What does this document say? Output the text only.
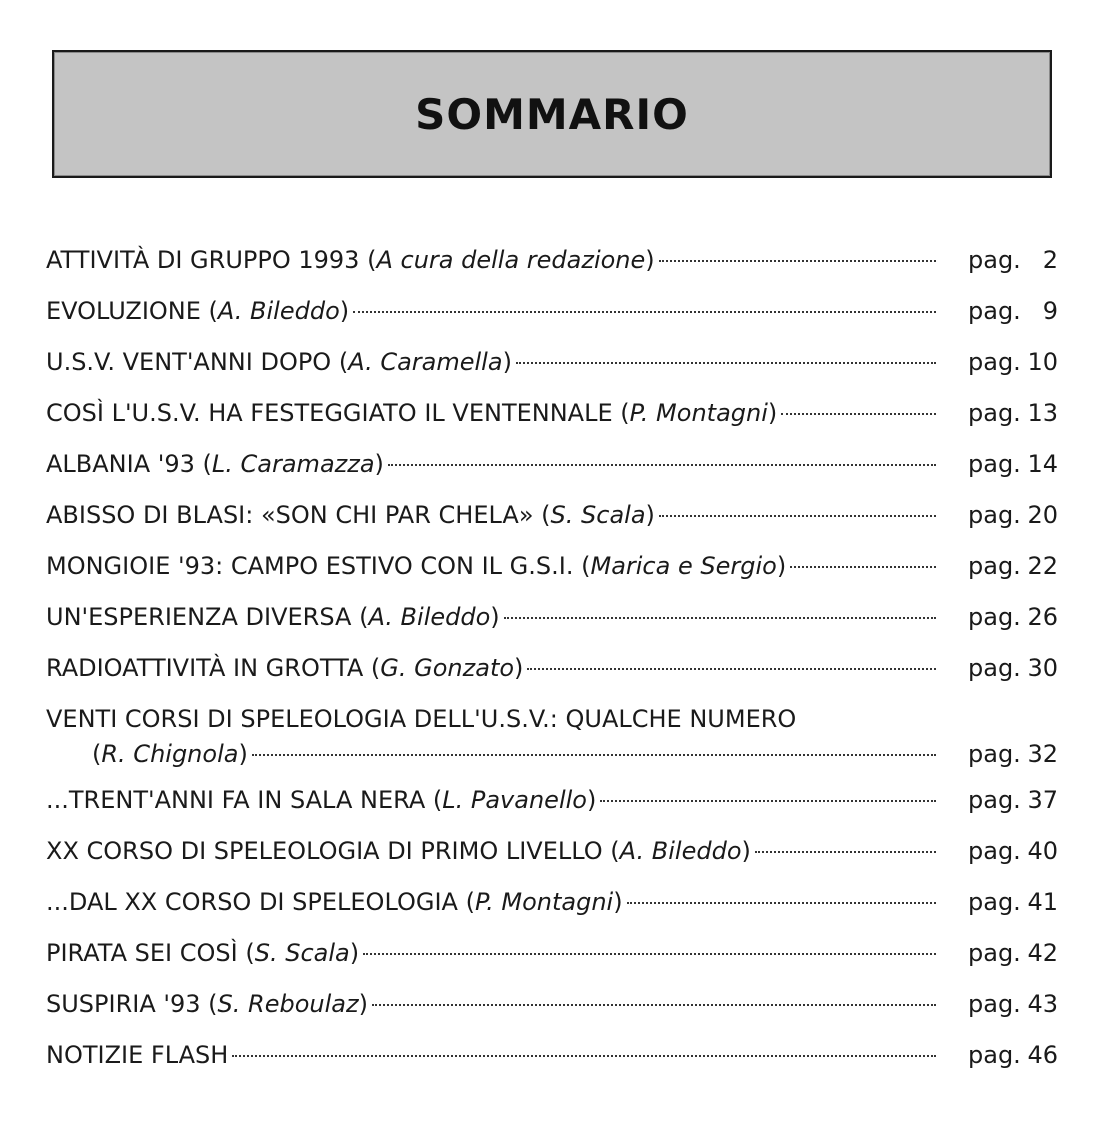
SOMMARIO
ATTIVITÀ DI GRUPPO 1993 ( A cura della redazione )	pag. 2
EVOLUZIONE ( A. Bileddo )	pag. 9
U.S.V. VENT'ANNI DOPO ( A. Caramella )	pag. 10
COSÌ L'U.S.V. HA FESTEGGIATO IL VENTENNALE ( P. Montagni )	pag. 13
ALBANIA '93 ( L. Caramazza )	pag. 14
ABISSO DI BLASI: «SON CHI PAR CHELA» ( S. Scala )	pag. 20
MONGIOIE '93: CAMPO ESTIVO CON IL G.S.I. ( Marica e Sergio )	pag. 22
UN'ESPERIENZA DIVERSA ( A. Bileddo )	pag. 26
RADIOATTIVITÀ IN GROTTA ( G. Gonzato )	pag. 30
VENTI CORSI DI SPELEOLOGIA DELL'U.S.V.: QUALCHE NUMERO
( R. Chignola )	pag. 32
...TRENT'ANNI FA IN SALA NERA ( L. Pavanello )	pag. 37
XX CORSO DI SPELEOLOGIA DI PRIMO LIVELLO ( A. Bileddo )	pag. 40
...DAL XX CORSO DI SPELEOLOGIA ( P. Montagni )	pag. 41
PIRATA SEI COSÌ ( S. Scala )	pag. 42
SUSPIRIA '93 ( S. Reboulaz )	pag. 43
NOTIZIE FLASH	pag. 46
